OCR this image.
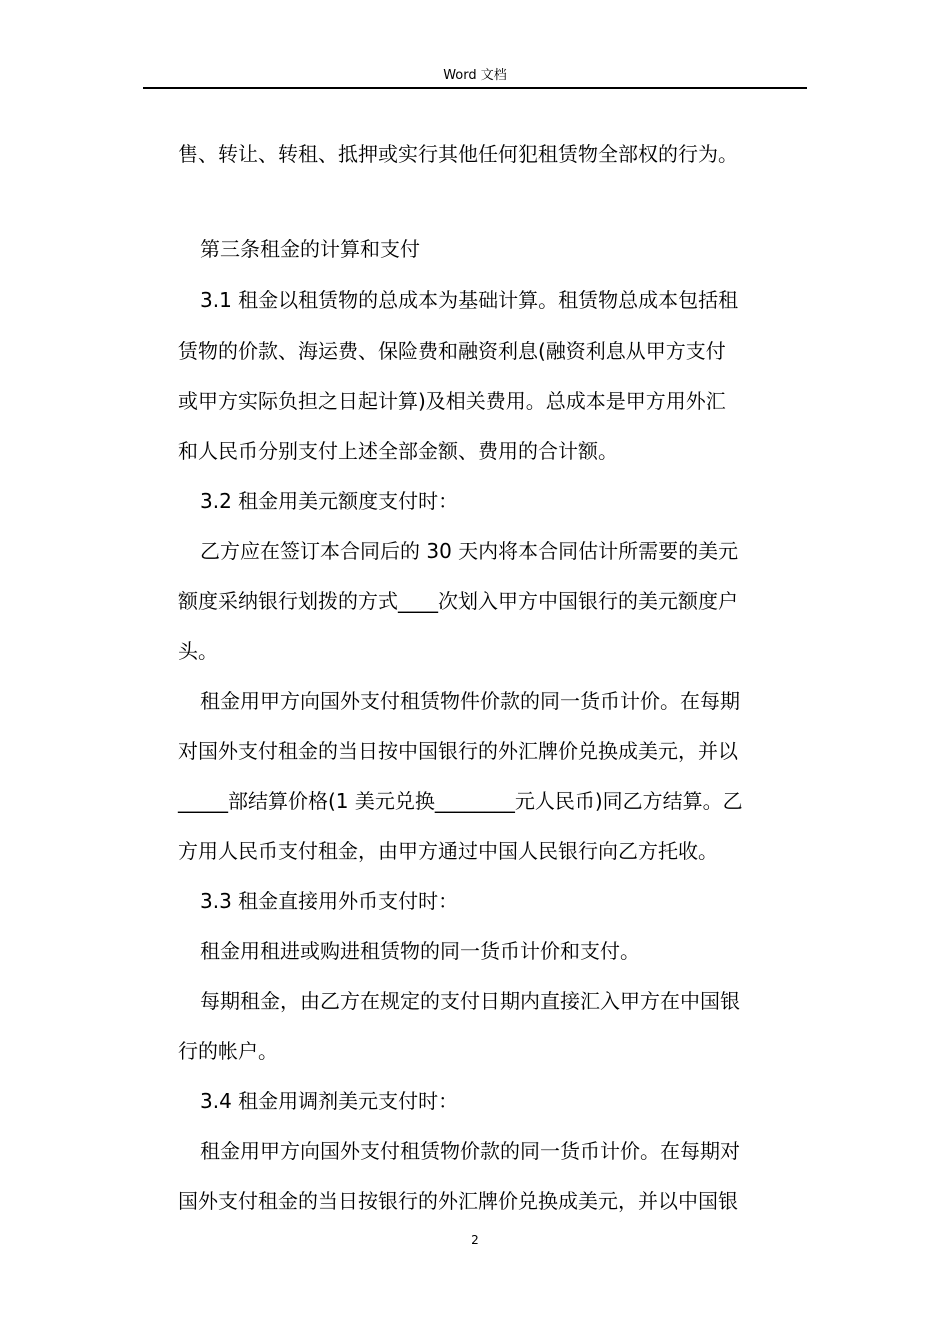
Word 文档
售、转让、转租、抵押或实行其他任何犯租赁物全部权的行为。
第三条租金的计算和支付
3.1 租金以租赁物的总成本为基础计算。租赁物总成本包括租
赁物的价款、海运费、保险费和融资利息(融资利息从甲方支付
或甲方实际负担之日起计算)及相关费用。总成本是甲方用外汇
和人民币分别支付上述全部金额、费用的合计额。
3.2 租金用美元额度支付时：
乙方应在签订本合同后的 30 天内将本合同估计所需要的美元
额度采纳银行划拨的方式____次划入甲方中国银行的美元额度户
头。
租金用甲方向国外支付租赁物件价款的同一货币计价。在每期
对国外支付租金的当日按中国银行的外汇牌价兑换成美元，并以
_____部结算价格(1 美元兑换________元人民币)同乙方结算。乙
方用人民币支付租金，由甲方通过中国人民银行向乙方托收。
3.3 租金直接用外币支付时：
租金用租进或购进租赁物的同一货币计价和支付。
每期租金，由乙方在规定的支付日期内直接汇入甲方在中国银
行的帐户。
3.4 租金用调剂美元支付时：
租金用甲方向国外支付租赁物价款的同一货币计价。在每期对
国外支付租金的当日按银行的外汇牌价兑换成美元，并以中国银
2
